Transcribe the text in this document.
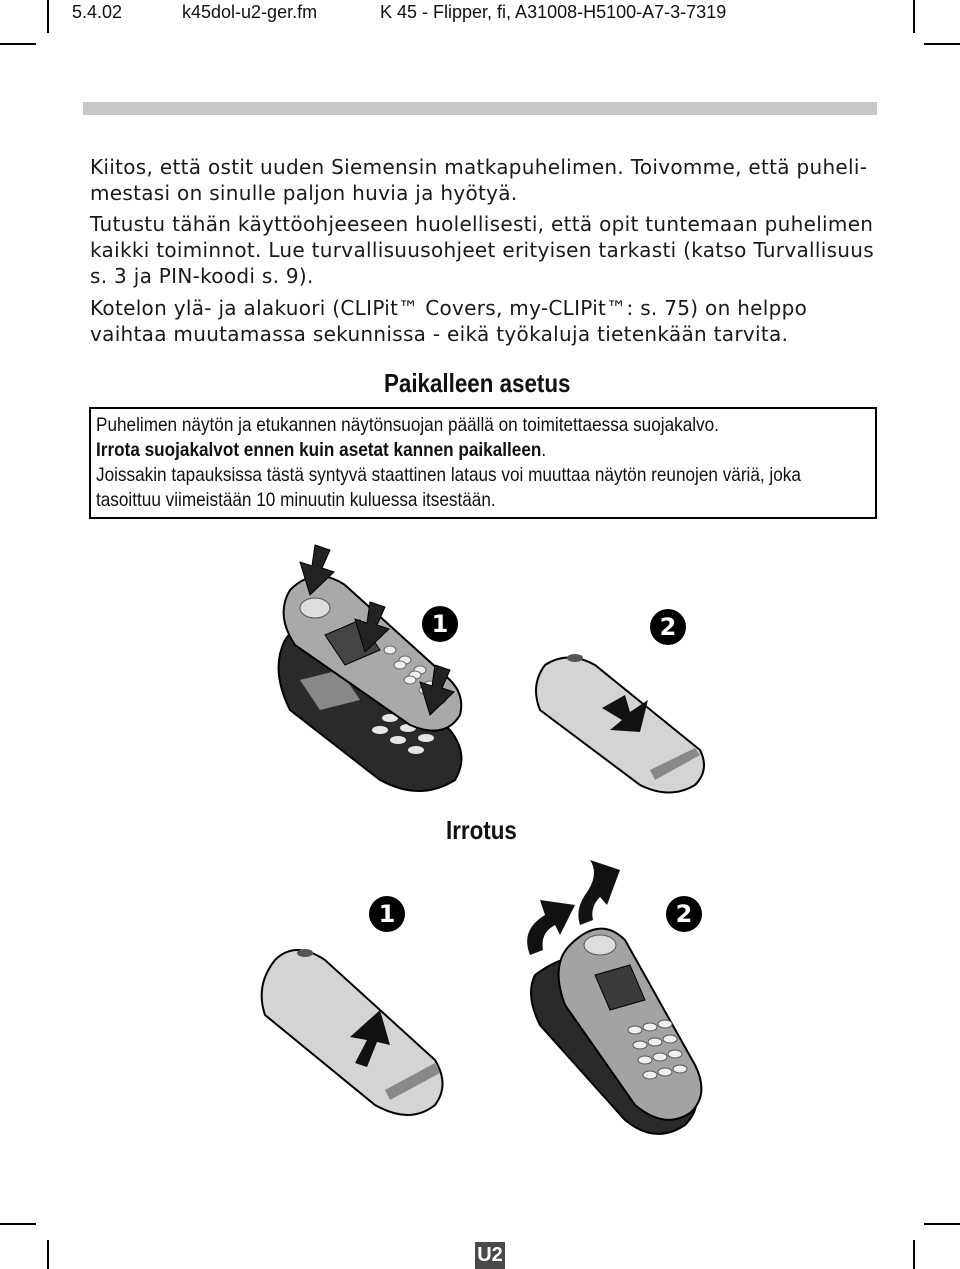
5.4.02	k45dol-u2-ger.fm	K 45 - Flipper, fi, A31008-H5100-A7-3-7319
Kiitos, että ostit uuden Siemensin matkapuhelimen. Toivomme, että puheli-mestasi on sinulle paljon huvia ja hyötyä.
Tutustu tähän käyttöohjeeseen huolellisesti, että opit tuntemaan puhelimen kaikki toiminnot. Lue turvallisuusohjeet erityisen tarkasti (katso Turvallisuus s. 3 ja PIN-koodi s. 9).
Kotelon ylä- ja alakuori (CLIPit™ Covers, my-CLIPit™: s. 75) on helppo vaihtaa muutamassa sekunnissa - eikä työkaluja tietenkään tarvita.
Paikalleen asetus

Puhelimen näytön ja etukannen näytönsuojan päällä on toimitettaessa suojakalvo.

Irrota suojakalvot ennen kuin asetat kannen paikalleen.

Joissakin tapauksissa tästä syntyvä staattinen lataus voi muuttaa näytön reunojen väriä, joka

tasoittuu viimeistään 10 minuutin kuluessa itsestään.

1	2
Irrotus
1	2
U2
